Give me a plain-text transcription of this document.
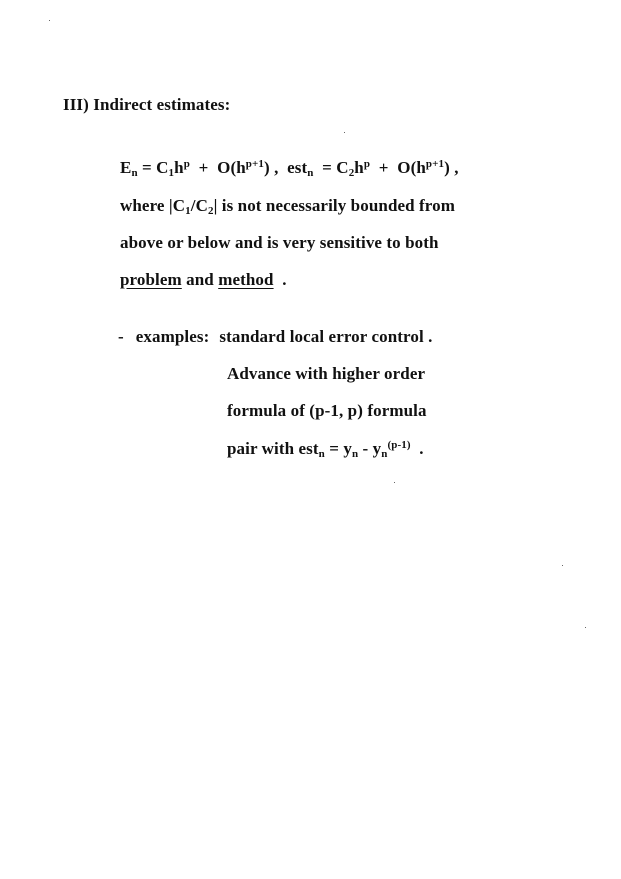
III) Indirect estimates:
$E_n = C_1h^p + O(h^{p+1})$ ,  $est_n = C_2h^p + O(h^{p+1})$ ,
where $|C_1/C_2|$ is not necessarily bounded from
above or below and is very sensitive to both
problem and method  .
- examples: standard local error control .
Advance with higher order
formula of (p-1, p) formula
pair with $est_n = y_n - y_n^{(p-1)}$  .
